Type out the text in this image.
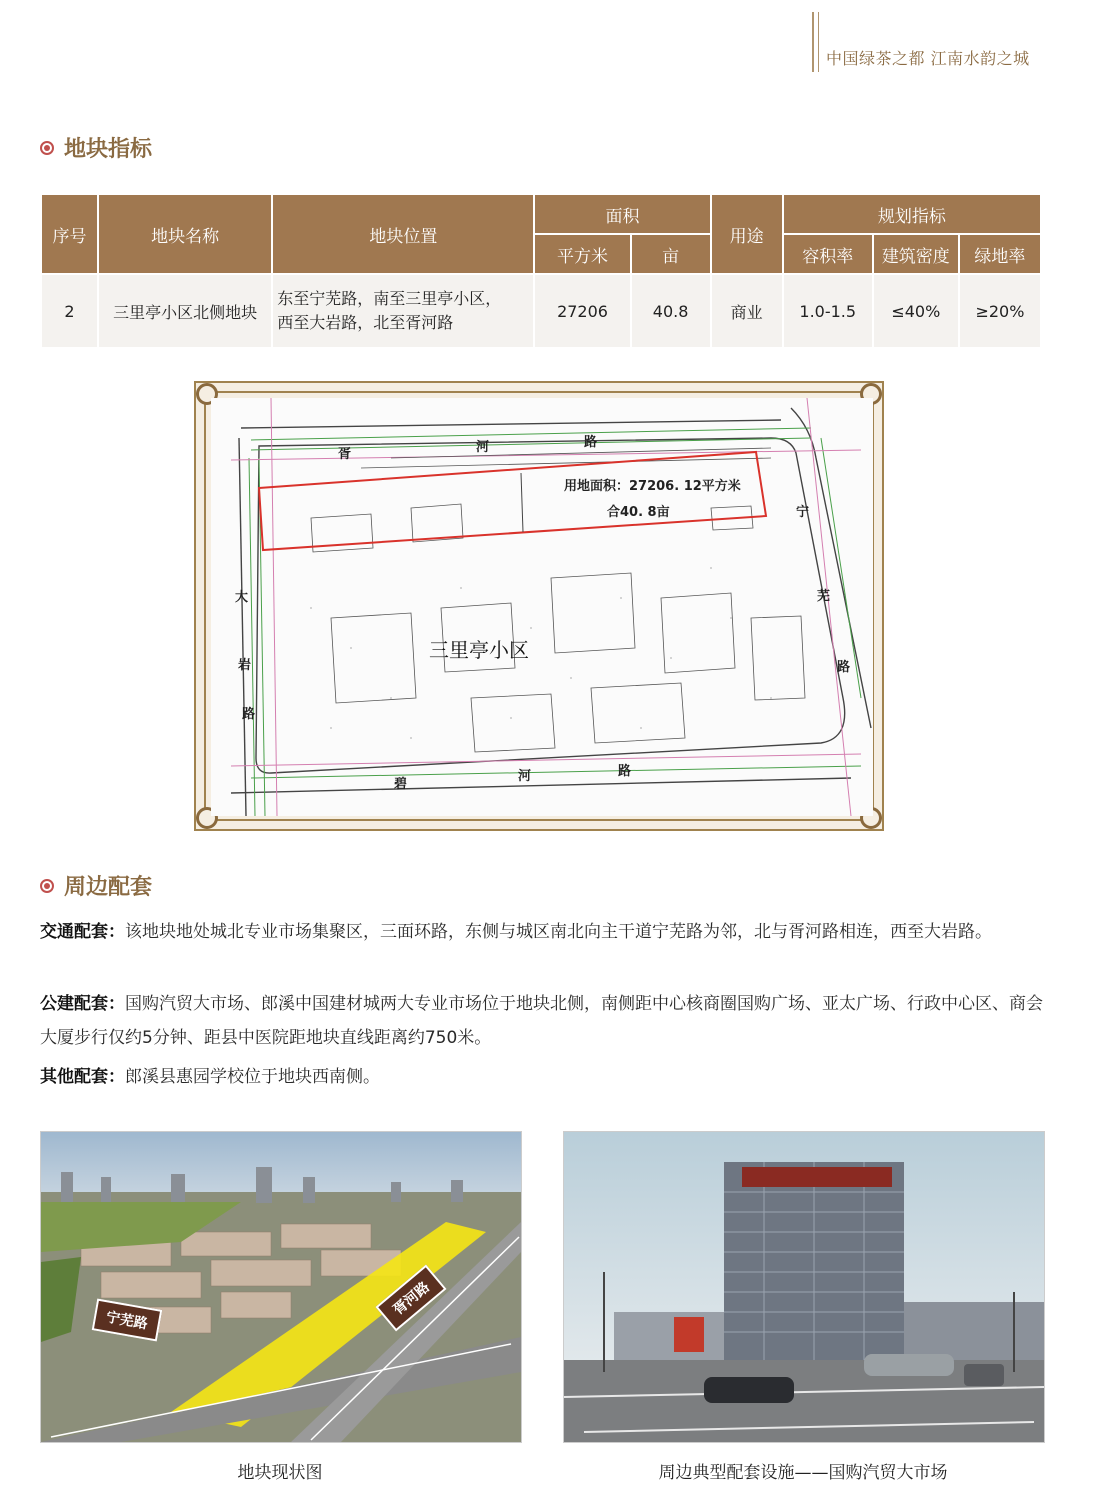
中国绿茶之都 江南水韵之城
地块指标
序号	地块名称	地块位置	面积		用途	规划指标		
			平方米	亩		容积率	建筑密度	绿地率
2	三里亭小区北侧地块	东至宁芜路，南至三里亭小区，
西至大岩路，北至胥河路	27206	40.8	商业	1.0-1.5	≤40%	≥20%
胥	河	路
碧
河	路
大
岩
路
宁
芜
路
用地面积：27206. 12平方米
合40. 8亩
三里亭小区
周边配套
交通配套：该地块地处城北专业市场集聚区，三面环路，东侧与城区南北向主干道宁芜路为邻，北与胥河路相连，西至大岩路。
公建配套：国购汽贸大市场、郎溪中国建材城两大专业市场位于地块北侧，南侧距中心核商圈国购广场、亚太广场、行政中心区、商会大厦步行仅约5分钟、距县中医院距地块直线距离约750米。
其他配套：郎溪县惠园学校位于地块西南侧。
宁芜路
胥河路
地块现状图	周边典型配套设施——国购汽贸大市场
